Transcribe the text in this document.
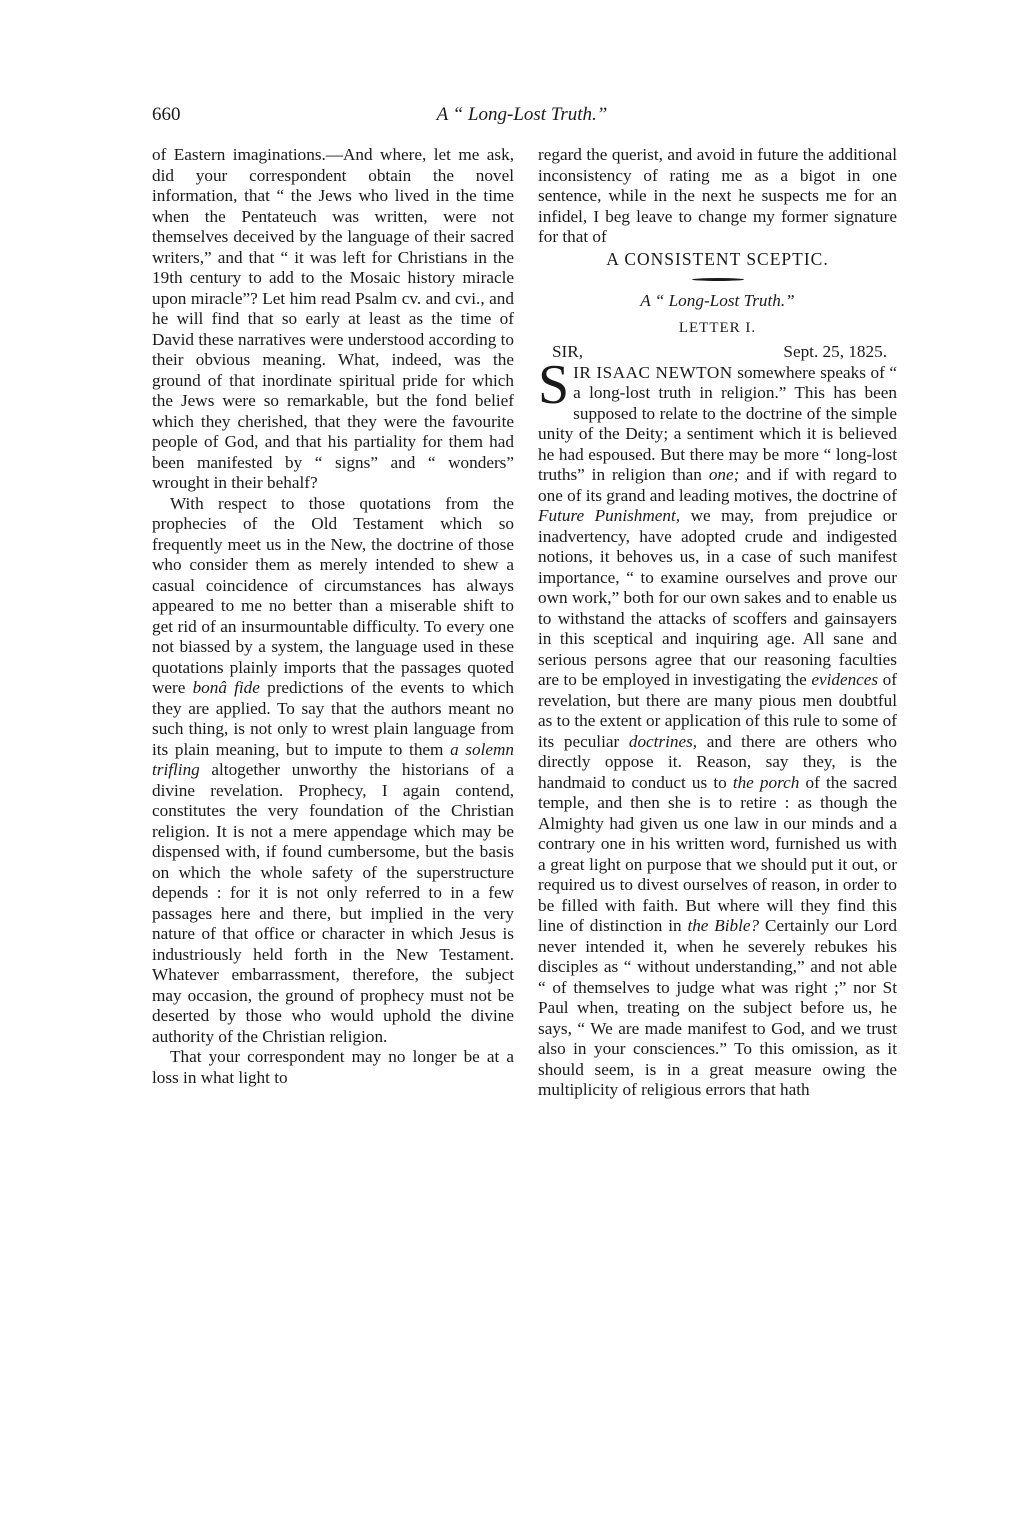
660	A “ Long-Lost Truth.”

of Eastern imaginations.—And where, let me ask, did your correspondent obtain the novel information, that “ the Jews who lived in the time when the Pentateuch was written, were not themselves deceived by the language of their sacred writers,” and that “ it was left for Christians in the 19th century to add to the Mosaic history miracle upon miracle”? Let him read Psalm cv. and cvi., and he will find that so early at least as the time of David these narratives were understood according to their obvious meaning. What, indeed, was the ground of that inordinate spiritual pride for which the Jews were so remarkable, but the fond belief which they cherished, that they were the favourite people of God, and that his partiality for them had been manifested by “ signs” and “ wonders” wrought in their behalf?

With respect to those quotations from the prophecies of the Old Testament which so frequently meet us in the New, the doctrine of those who consider them as merely intended to shew a casual coincidence of circumstances has always appeared to me no better than a miserable shift to get rid of an insurmountable difficulty. To every one not biassed by a system, the language used in these quotations plainly imports that the passages quoted were bonâ fide predictions of the events to which they are applied. To say that the authors meant no such thing, is not only to wrest plain language from its plain meaning, but to impute to them a solemn trifling altogether unworthy the historians of a divine revelation. Prophecy, I again contend, constitutes the very foundation of the Christian religion. It is not a mere appendage which may be dispensed with, if found cumbersome, but the basis on which the whole safety of the superstructure depends : for it is not only referred to in a few passages here and there, but implied in the very nature of that office or character in which Jesus is industriously held forth in the New Testament. Whatever embarrassment, therefore, the subject may occasion, the ground of prophecy must not be deserted by those who would uphold the divine authority of the Christian religion.

That your correspondent may no longer be at a loss in what light to

regard the querist, and avoid in future the additional inconsistency of rating me as a bigot in one sentence, while in the next he suspects me for an infidel, I beg leave to change my former signature for that of

A CONSISTENT SCEPTIC.
A “ Long-Lost Truth.”
LETTER I.
SIR,	Sept. 25, 1825.

SIR ISAAC NEWTON somewhere speaks of “ a long-lost truth in religion.” This has been supposed to relate to the doctrine of the simple unity of the Deity; a sentiment which it is believed he had espoused. But there may be more “ long-lost truths” in religion than one; and if with regard to one of its grand and leading motives, the doctrine of Future Punishment, we may, from prejudice or inadvertency, have adopted crude and indigested notions, it behoves us, in a case of such manifest importance, “ to examine ourselves and prove our own work,” both for our own sakes and to enable us to withstand the attacks of scoffers and gainsayers in this sceptical and inquiring age. All sane and serious persons agree that our reasoning faculties are to be employed in investigating the evidences of revelation, but there are many pious men doubtful as to the extent or application of this rule to some of its peculiar doctrines, and there are others who directly oppose it. Reason, say they, is the handmaid to conduct us to the porch of the sacred temple, and then she is to retire : as though the Almighty had given us one law in our minds and a contrary one in his written word, furnished us with a great light on purpose that we should put it out, or required us to divest ourselves of reason, in order to be filled with faith. But where will they find this line of distinction in the Bible? Certainly our Lord never intended it, when he severely rebukes his disciples as “ without understanding,” and not able “ of themselves to judge what was right ;” nor St Paul when, treating on the subject before us, he says, “ We are made manifest to God, and we trust also in your consciences.” To this omission, as it should seem, is in a great measure owing the multiplicity of religious errors that hath
